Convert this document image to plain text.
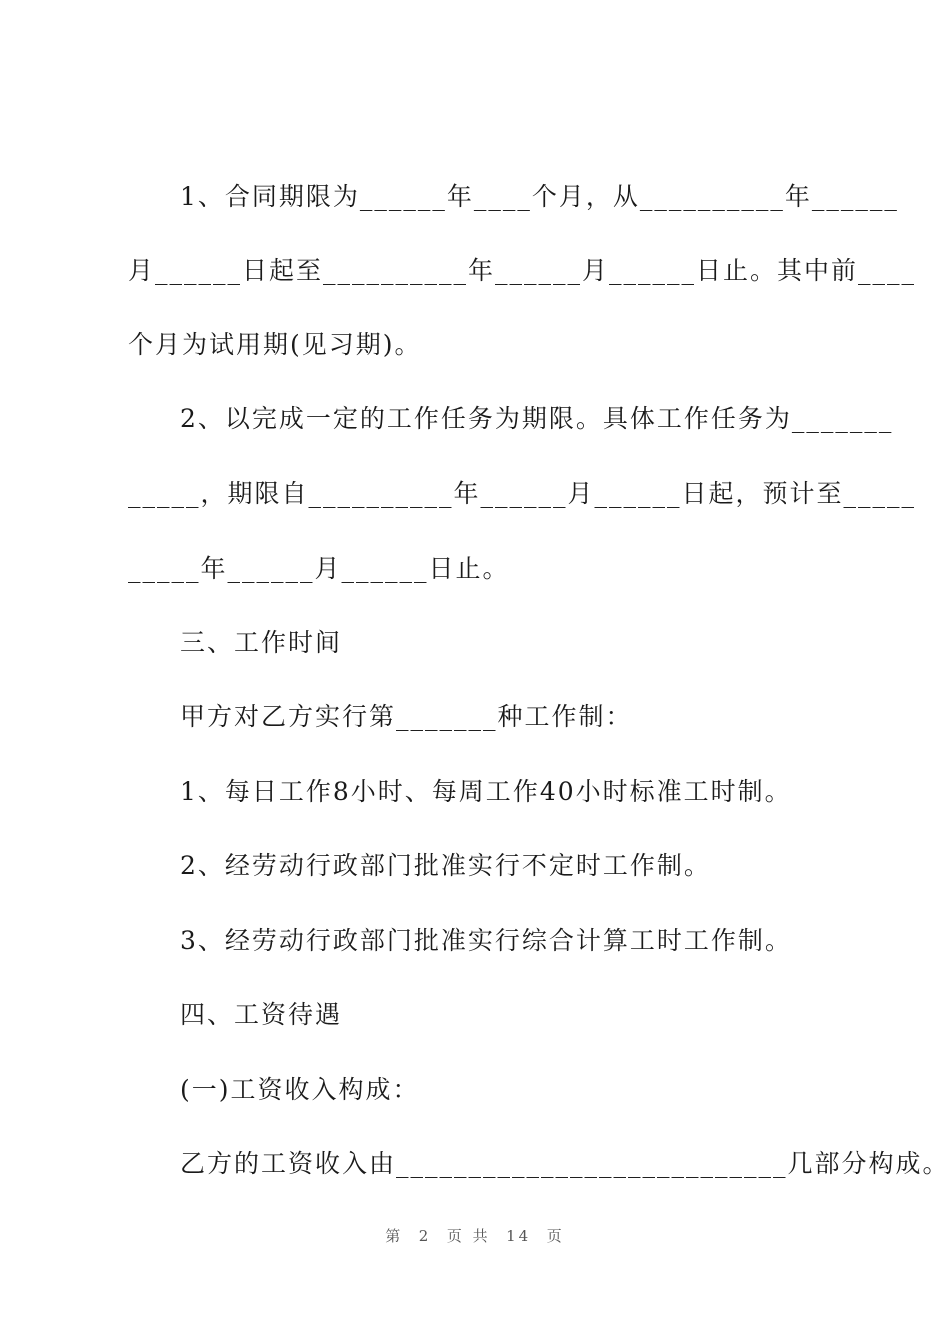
1、合同期限为______年____个月，从__________年______
月______日起至__________年______月______日止。其中前____
个月为试用期(见习期)。
2、以完成一定的工作任务为期限。具体工作任务为_______
_____，期限自__________年______月______日起，预计至_____
_____年______月______日止。
三、工作时间
甲方对乙方实行第_______种工作制：
1、每日工作8小时、每周工作40小时标准工时制。
2、经劳动行政部门批准实行不定时工作制。
3、经劳动行政部门批准实行综合计算工时工作制。
四、工资待遇
(一)工资收入构成：
乙方的工资收入由___________________________几部分构成。
第  2  页 共  14  页
